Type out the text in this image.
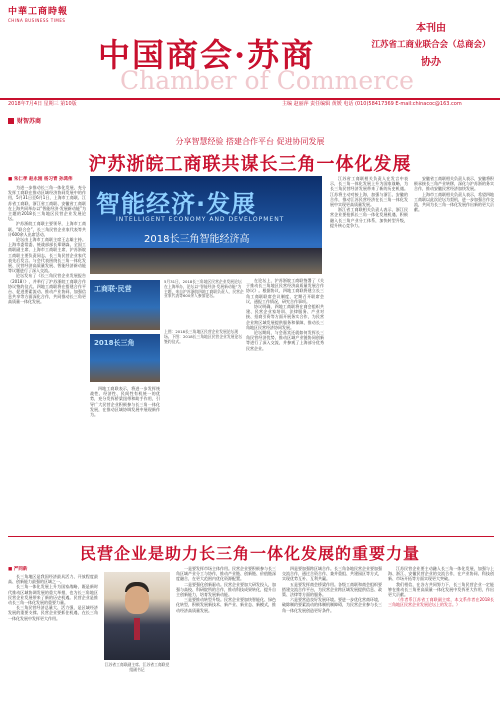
中華工商時報
CHINA BUSINESS TIMES
中国商会·苏商
Chamber of Commerce
本刊由
江苏省工商业联合会（总商会）
协办
2018年7月4日 星期三 第10版	主编 赵丽萍 责任编辑 黄媛 电话 (010)58417369 E-mail:chinacoc@163.com
财智苏商
分享智慧经验 搭建合作平台 促进协同发展
沪苏浙皖工商联共谋长三角一体化发展
■ 朱仁孝 赵永刚 杨习青 孙鸿伟

为进一步推动长三角一体化发展，充分发挥工商联在推动区域经济协同发展中的作用，5月31日至6月1日，上海市工商联、江苏省工商联、浙江省工商联、安徽省工商联在上海共同举办以“智能经济·发展新动能”为主题的2018长三角地区民营企业发展论坛。

沪苏浙皖工商联主要领导，上海市工商联、“联合会”，长三角民营企业家代表等共计600余人出席活动。

论坛由上海市工商联主席王志雄主持。上海市委常委、统战部部长郑钢淼，全国工商联副主席、上海市工商联主席，沪苏浙皖工商联主要负责同志，长三角民营企业家代表先后发言。与会代表围绕长三角一体化发展、民营经济高质量发展、智能经济新动能等议题进行了深入交流。

论坛发布了《长三角民营企业发展报告（2018）》，并举行了沪苏浙皖工商联合作协议签约仪式。四地工商联将在搭建合作平台、促进要素流动、推动产业协同、加强信息共享等方面深化合作，共同推动长三角更高质量一体化发展。

智能经济·发展
INTELLIGENT ECONOMY AND DEVELOPMENT
2018长三角智能经济高
工商联·民营
2018长三角

四地工商联表示，将进一步发挥统战性、经济性、民间性有机统一的优势，充分发挥桥梁纽带和助手作用，引导广大民营企业积极参与长三角一体化发展，在推动区域协调发展中展现新作为。

5月31日，2018长三角地区民营企业发展论坛在上海举办，论坛以“智能经济·发展新动能”为主题，来自沪苏浙皖四地工商联负责人、民营企业家代表等600余人参加论坛。
上图：2018长三角地区民营企业发展论坛现场。下图：2018长三角地区民营企业发展论坛签约仪式。

在论坛上，沪苏浙皖工商联签署了《关于推动长三角地区民营经济高质量发展合作协议》。根据协议，四地工商联将建立长三角工商联联席会议制度，定期召开联席会议，通报工作情况，研究合作事项。

协议明确，四地工商联将在商会组织共建、民营企业家培训、法律服务、产业对接、招商引资等方面开展务实合作，为民营企业跨区域发展提供服务和保障，推动长三角地区民营经济协同发展。

论坛期间，与会嘉宾还就如何发挥长三角民营经济优势、推动区域产业链协同创新等进行了深入交流，并参观了上海部分优秀民营企业。

江苏省工商联相关负责人在发言中表示，长三角一体化发展上升为国家战略，为长三角民营经济发展带来了新的历史机遇。江苏将主动对接上海，加强与浙江、安徽的合作，推动江苏民营经济在长三角一体化发展中实现更高质量发展。

浙江省工商联相关负责人表示，浙江民营企业要抢抓长三角一体化发展机遇，积极融入长三角产业分工体系，加快转型升级，提升核心竞争力。

安徽省工商联相关负责人表示，安徽将积极承接长三角产业转移，深化与沪苏浙的务实合作，推动安徽民营经济加快发展。

上海市工商联相关负责人表示，希望四地工商联以此次论坛为契机，进一步加强合作交流，共同为长三角一体化发展作出新的更大贡献。

民营企业是助力长三角一体化发展的重要力量
■ 严同新

长三角地区是我国经济最具活力、开放程度最高、创新能力最强的区域之一。

长三角一体化发展上升为国家战略，既是新时代推动区域协调发展的重大举措，也为长三角地区民营企业发展带来了新的历史机遇。民营企业是推动长三角一体化发展的重要力量。

长三角民营经济总量大、活力强，是区域经济发展的重要支撑。民营企业要抓住机遇，在长三角一体化发展中发挥更大作用。

江苏省工商联副主席、江苏省工商联党组副书记

一是要发挥市场主体作用。民营企业要积极参与长三角区域产业分工与协作，推动产业链、创新链、价值链深度融合，在更大范围内优化资源配置。

二是要强化创新驱动。民营企业要加大研发投入，加强与高校、科研院所的合作，推动科技成果转化，提升自主创新能力，培育发展新动能。

三是要推动转型升级。民营企业要加快智能化、绿色化转型，积极发展新技术、新产业、新业态、新模式，推动经济高质量发展。

四是要加强跨区域合作。长三角各地民营企业要加强交流合作，通过合资合作、兼并重组、共建园区等方式，实现优势互补、互利共赢。

五是要发挥商会桥梁作用。各级工商联和商会组织要搭建交流合作平台，为民营企业跨区域发展提供信息、政策、法律等方面的服务。

六是要营造良好发展环境。要进一步优化营商环境，破除制约要素流动的体制机制障碍，为民营企业参与长三角一体化发展创造更好条件。

江苏民营企业要主动融入长三角一体化发展，加强与上海、浙江、安徽民营企业的交流合作，在产业协同、科技创新、市场开拓等方面实现更大突破。

我们相信，在各方共同努力下，长三角民营企业一定能够在推动长三角更高质量一体化发展中发挥更大作用，作出更大贡献。

（作者系江苏省工商联副主席，本文系作者在2018长三角地区民营企业发展论坛上的发言。）
